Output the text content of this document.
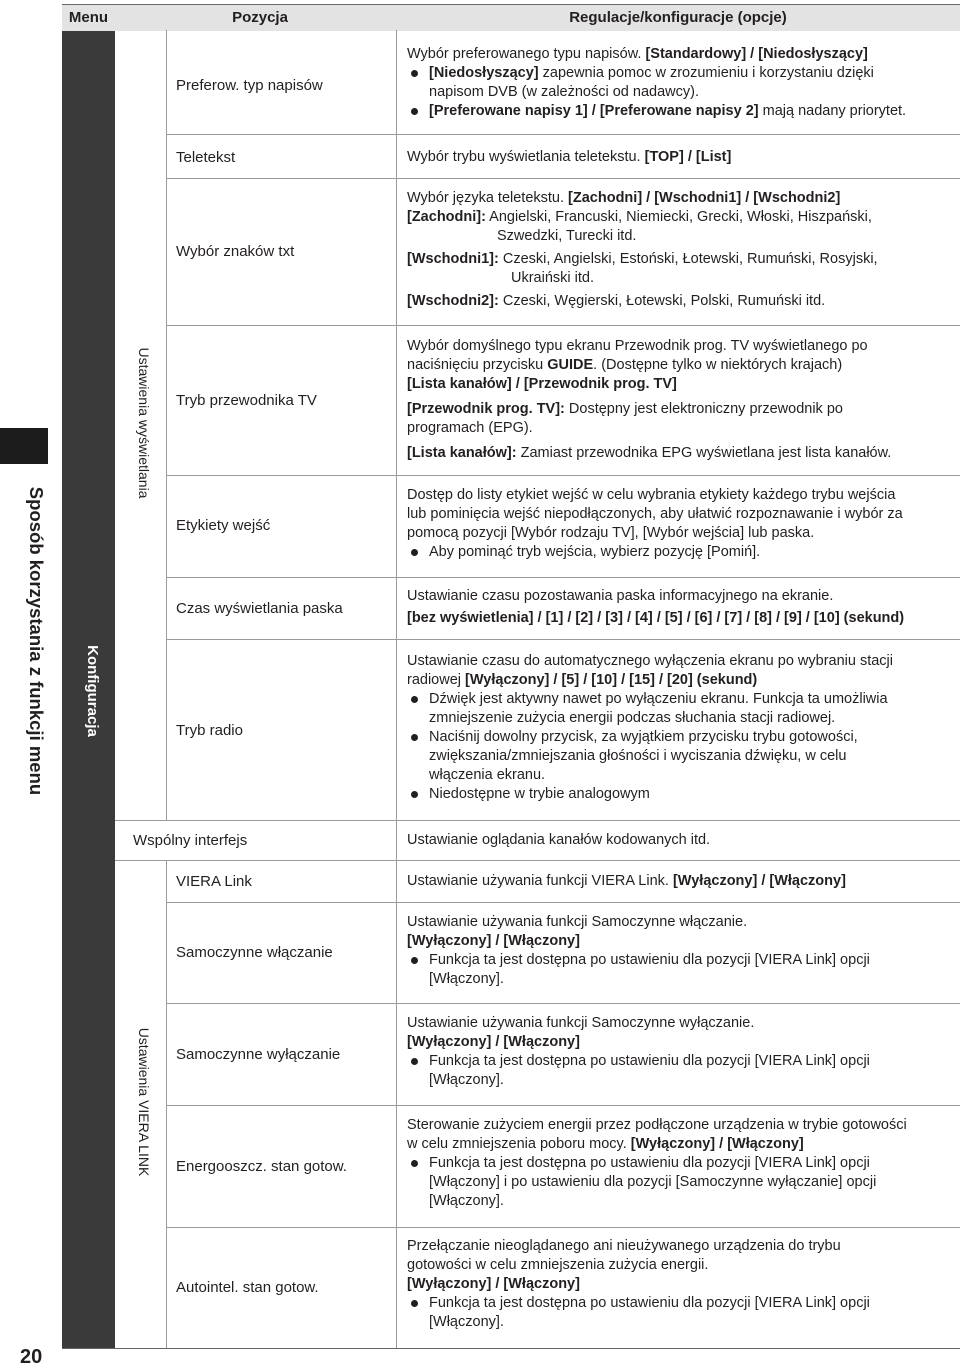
Sposób korzystania z funkcji menu
20
Konfiguracja
Menu	Pozycja	Regulacje/konfiguracje (opcje)
Ustawienia wyświetlania
Ustawienia VIERA LINK
Preferow. typ napisów
Teletekst
Wybór znaków txt
Tryb przewodnika TV
Etykiety wejść
Czas wyświetlania paska
Tryb radio
Wspólny interfejs
VIERA Link
Samoczynne włączanie
Samoczynne wyłączanie
Energooszcz. stan gotow.
Autointel. stan gotow.
Wybór preferowanego typu napisów. [Standardowy] / [Niedosłyszący]
[Niedosłyszący] zapewnia pomoc w zrozumieniu i korzystaniu dzięki
napisom DVB (w zależności od nadawcy).
[Preferowane napisy 1] / [Preferowane napisy 2] mają nadany priorytet.
Wybór trybu wyświetlania teletekstu. [TOP] / [List]
Wybór języka teletekstu. [Zachodni] / [Wschodni1] / [Wschodni2]
[Zachodni]: Angielski, Francuski, Niemiecki, Grecki, Włoski, Hiszpański,
Szwedzki, Turecki itd.
[Wschodni1]: Czeski, Angielski, Estoński, Łotewski, Rumuński, Rosyjski,
Ukraiński itd.
[Wschodni2]: Czeski, Węgierski, Łotewski, Polski, Rumuński itd.
Wybór domyślnego typu ekranu Przewodnik prog. TV wyświetlanego po
naciśnięciu przycisku GUIDE. (Dostępne tylko w niektórych krajach)
[Lista kanałów] / [Przewodnik prog. TV]
[Przewodnik prog. TV]: Dostępny jest elektroniczny przewodnik po
programach (EPG).
[Lista kanałów]: Zamiast przewodnika EPG wyświetlana jest lista kanałów.
Dostęp do listy etykiet wejść w celu wybrania etykiety każdego trybu wejścia
lub pominięcia wejść niepodłączonych, aby ułatwić rozpoznawanie i wybór za
pomocą pozycji [Wybór rodzaju TV], [Wybór wejścia] lub paska.
Aby pominąć tryb wejścia, wybierz pozycję [Pomiń].
Ustawianie czasu pozostawania paska informacyjnego na ekranie.
[bez wyświetlenia] / [1] / [2] / [3] / [4] / [5] / [6] / [7] / [8] / [9] / [10] (sekund)
Ustawianie czasu do automatycznego wyłączenia ekranu po wybraniu stacji
radiowej [Wyłączony] / [5] / [10] / [15] / [20] (sekund)
Dźwięk jest aktywny nawet po wyłączeniu ekranu. Funkcja ta umożliwia
zmniejszenie zużycia energii podczas słuchania stacji radiowej.
Naciśnij dowolny przycisk, za wyjątkiem przycisku trybu gotowości,
zwiększania/zmniejszania głośności i wyciszania dźwięku, w celu
włączenia ekranu.
Niedostępne w trybie analogowym
Ustawianie oglądania kanałów kodowanych itd.
Ustawianie używania funkcji VIERA Link. [Wyłączony] / [Włączony]
Ustawianie używania funkcji Samoczynne włączanie.
[Wyłączony] / [Włączony]
Funkcja ta jest dostępna po ustawieniu dla pozycji [VIERA Link] opcji
[Włączony].
Ustawianie używania funkcji Samoczynne wyłączanie.
[Wyłączony] / [Włączony]
Funkcja ta jest dostępna po ustawieniu dla pozycji [VIERA Link] opcji
[Włączony].
Sterowanie zużyciem energii przez podłączone urządzenia w trybie gotowości
w celu zmniejszenia poboru mocy. [Wyłączony] / [Włączony]
Funkcja ta jest dostępna po ustawieniu dla pozycji [VIERA Link] opcji
[Włączony] i po ustawieniu dla pozycji [Samoczynne wyłączanie] opcji
[Włączony].
Przełączanie nieoglądanego ani nieużywanego urządzenia do trybu
gotowości w celu zmniejszenia zużycia energii.
[Wyłączony] / [Włączony]
Funkcja ta jest dostępna po ustawieniu dla pozycji [VIERA Link] opcji
[Włączony].
